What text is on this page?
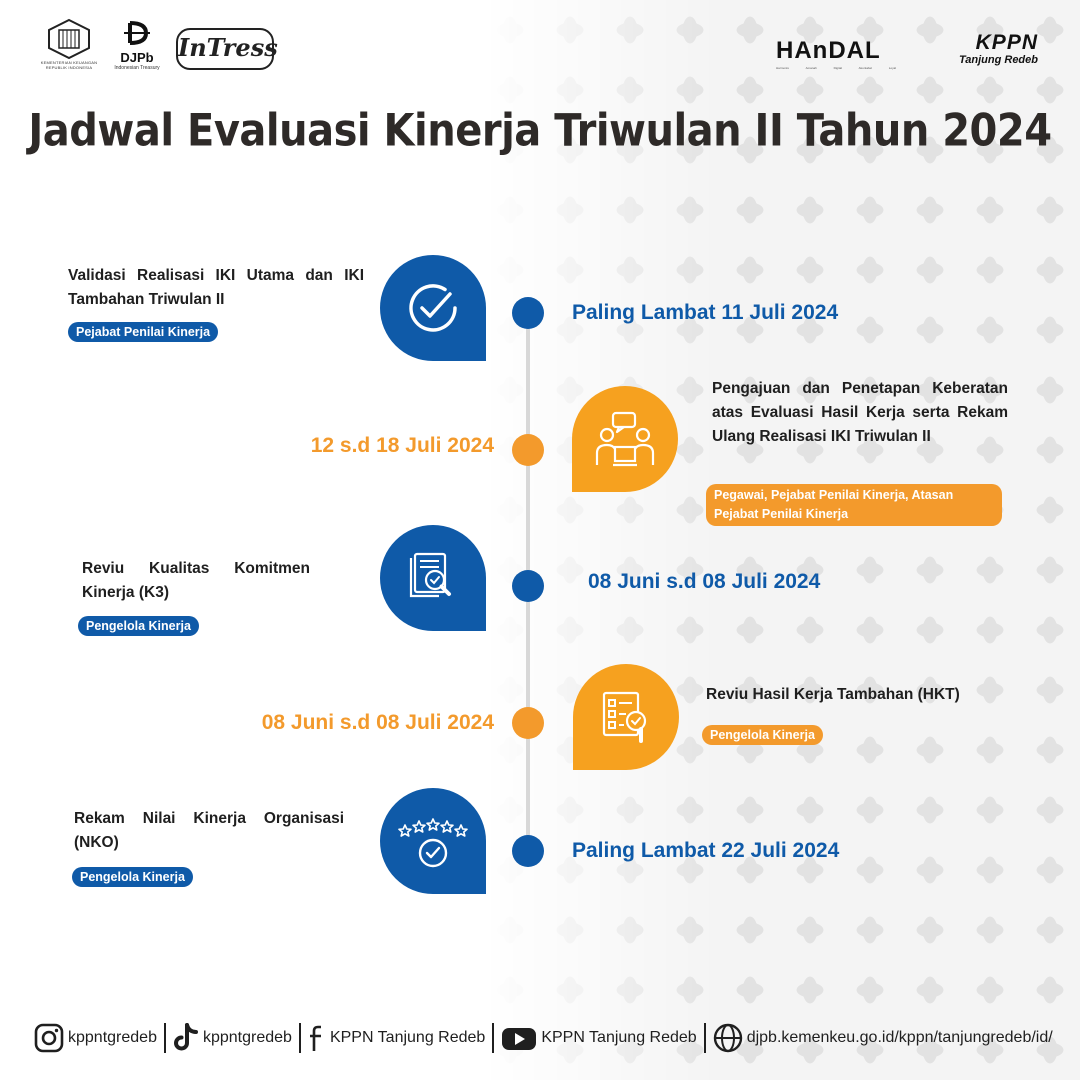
KEMENTERIAN KEUANGAN
REPUBLIK INDONESIA
DJPb
Indonesian Treasury
InTress	HAnDAL
Harmonis	Amanah	Digital	Akuntabel	Loyal
KPPN
Tanjung Redeb
Jadwal Evaluasi Kinerja Triwulan II Tahun 2024
Validasi Realisasi IKI Utama dan IKI Tambahan Triwulan II
Pejabat Penilai Kinerja
Paling Lambat 11 Juli 2024
12 s.d 18 Juli 2024
Pengajuan dan Penetapan Keberatan atas Evaluasi Hasil Kerja serta Rekam Ulang Realisasi IKI Triwulan II
Pegawai, Pejabat Penilai Kinerja, Atasan Pejabat Penilai Kinerja
Reviu Kualitas Komitmen Kinerja (K3)
Pengelola Kinerja
08 Juni s.d 08 Juli 2024
08 Juni s.d 08 Juli 2024
Reviu Hasil Kerja Tambahan (HKT)
Pengelola Kinerja
Rekam Nilai Kinerja Organisasi (NKO)
Pengelola Kinerja
Paling Lambat 22 Juli 2024
kppntgredeb	kppntgredeb KPPN Tanjung Redeb	KPPN Tanjung Redeb	djpb.kemenkeu.go.id/kppn/tanjungredeb/id/
